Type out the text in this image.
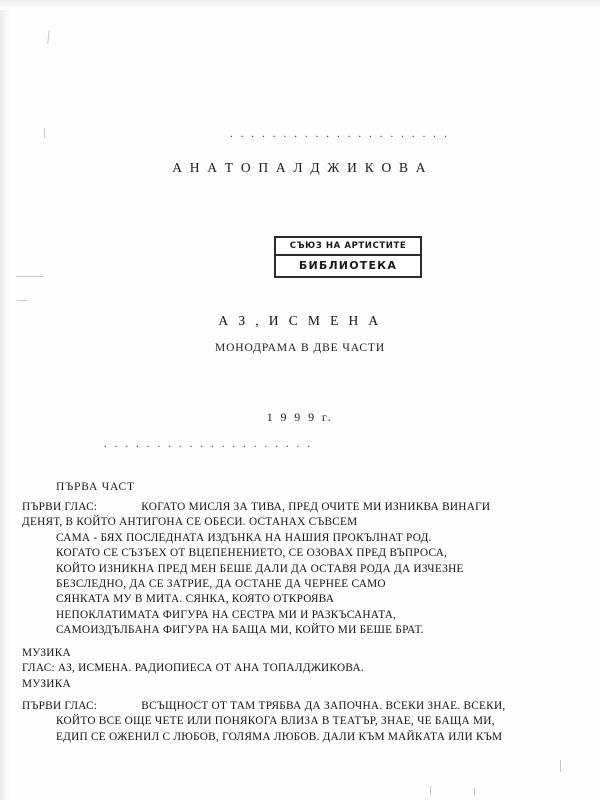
. . . . . . . . . . . . . . . . . . . . .
А Н А Т О П А Л Д Ж И К О В А
СЪЮЗ НА АРТИСТИТЕ
БИБЛИОТЕКА
А З , И С М Е Н А
МОНОДРАМА В ДВЕ ЧАСТИ
1 9 9 9 г.
. . . . . . . . . . . . . . . . . . . .
ПЪРВА ЧАСТ
ПЪРВИ ГЛАС:	КОГАТО МИСЛЯ ЗА ТИВА, ПРЕД ОЧИТЕ МИ ИЗНИКВА ВИНАГИ
ДЕНЯТ, В КОЙТО АНТИГОНА СЕ ОБЕСИ. ОСТАНАХ СЪВСЕМ
САМА - БЯХ ПОСЛЕДНАТА ИЗДЪНКА НА НАШИЯ ПРОКЪЛНАТ РОД.
КОГАТО СЕ СЪЗЪЕХ ОТ ВЦЕПЕНЕНИЕТО, СЕ ОЗОВАХ ПРЕД ВЪПРОСА,
КОЙТО ИЗНИКНА ПРЕД МЕН БЕШЕ ДАЛИ ДА ОСТАВЯ РОДА ДА ИЗЧЕЗНЕ
БЕЗСЛЕДНО, ДА СЕ ЗАТРИЕ, ДА ОСТАНЕ ДА ЧЕРНЕЕ САМО
СЯНКАТА МУ В МИТА. СЯНКА, КОЯТО ОТКРОЯВА
НЕПОКЛАТИМАТА ФИГУРА НА СЕСТРА МИ И РАЗКЪСАНАТА,
САМОИЗДЪЛБАНА ФИГУРА НА БАЩА МИ, КОЙТО МИ БЕШЕ БРАТ.
МУЗИКА
ГЛАС: АЗ, ИСМЕНА. РАДИОПИЕСА ОТ АНА ТОПАЛДЖИКОВА.
МУЗИКА
ПЪРВИ ГЛАС:	ВСЪЩНОСТ ОТ ТАМ ТРЯБВА ДА ЗАПОЧНА. ВСЕКИ ЗНАЕ. ВСЕКИ,
КОЙТО ВСЕ ОЩЕ ЧЕТЕ ИЛИ ПОНЯКОГА ВЛИЗА В ТЕАТЪР, ЗНАЕ, ЧЕ БАЩА МИ,
ЕДИП СЕ ОЖЕНИЛ С ЛЮБОВ, ГОЛЯМА ЛЮБОВ. ДАЛИ КЪМ МАЙКАТА ИЛИ КЪМ
